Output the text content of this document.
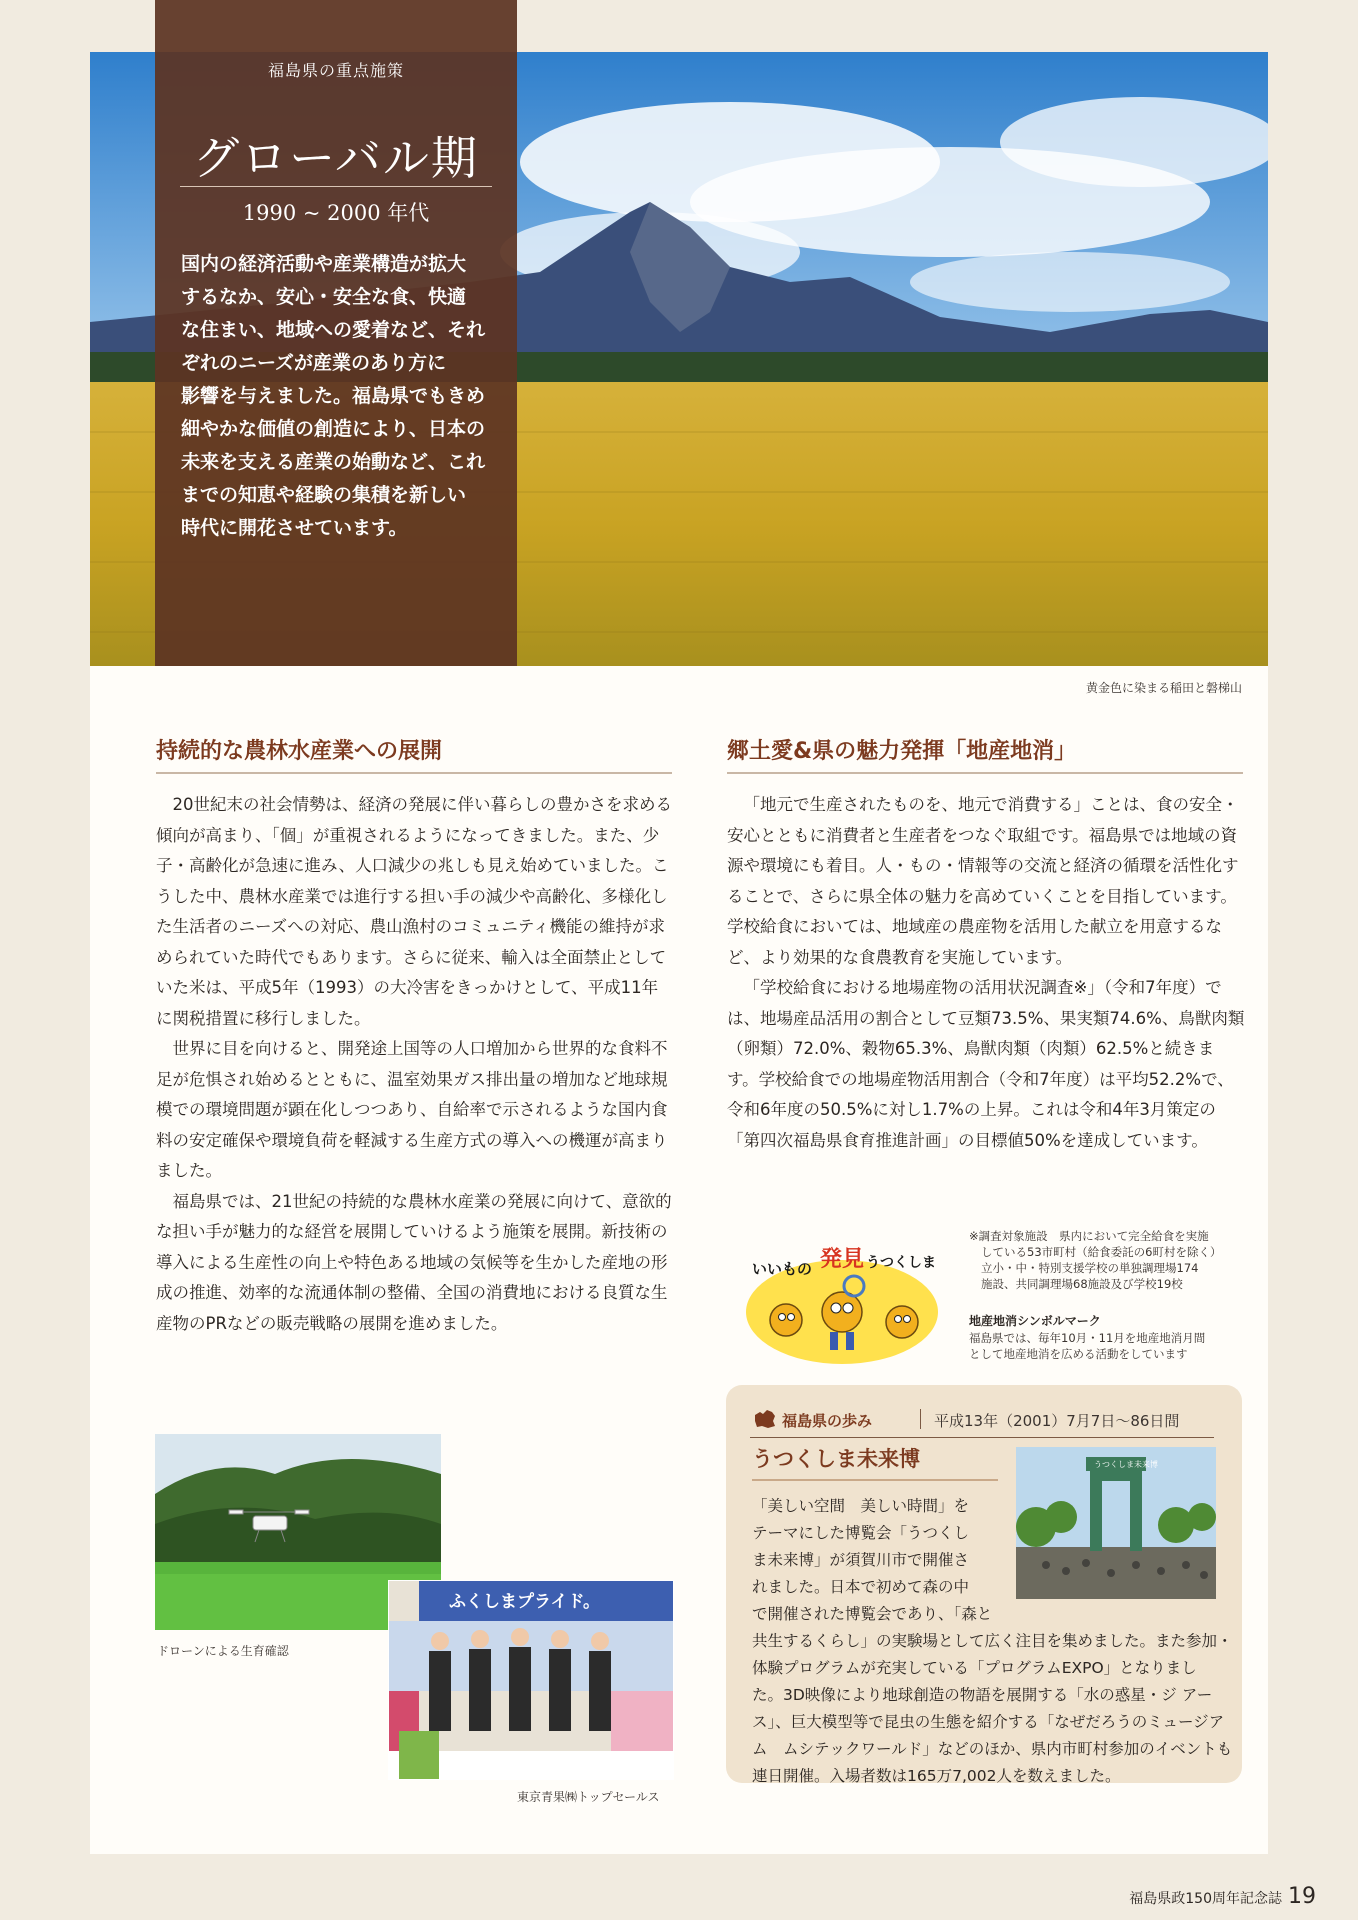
福島県の重点施策
グローバル期
1990 ~ 2000 年代
国内の経済活動や産業構造が拡大
するなか、安心・安全な食、快適
な住まい、地域への愛着など、それ
ぞれのニーズが産業のあり方に
影響を与えました。福島県でもきめ
細やかな価値の創造により、日本の
未来を支える産業の始動など、これ
までの知恵や経験の集積を新しい
時代に開花させています。
黄金色に染まる稲田と磐梯山
持続的な農林水産業への展開

20世紀末の社会情勢は、経済の発展に伴い暮らしの豊かさを求める傾向が高まり、「個」が重視されるようになってきました。また、少子・高齢化が急速に進み、人口減少の兆しも見え始めていました。こうした中、農林水産業では進行する担い手の減少や高齢化、多様化した生活者のニーズへの対応、農山漁村のコミュニティ機能の維持が求められていた時代でもあります。さらに従来、輸入は全面禁止としていた米は、平成5年（1993）の大冷害をきっかけとして、平成11年に関税措置に移行しました。

世界に目を向けると、開発途上国等の人口増加から世界的な食料不足が危惧され始めるとともに、温室効果ガス排出量の増加など地球規模での環境問題が顕在化しつつあり、自給率で示されるような国内食料の安定確保や環境負荷を軽減する生産方式の導入への機運が高まりました。

福島県では、21世紀の持続的な農林水産業の発展に向けて、意欲的な担い手が魅力的な経営を展開していけるよう施策を展開。新技術の導入による生産性の向上や特色ある地域の気候等を生かした産地の形成の推進、効率的な流通体制の整備、全国の消費地における良質な生産物のPRなどの販売戦略の展開を進めました。

ドローンによる生育確認
ふくしまプライド。
東京青果㈱トップセールス
郷土愛&県の魅力発揮「地産地消」

「地元で生産されたものを、地元で消費する」ことは、食の安全・安心とともに消費者と生産者をつなぐ取組です。福島県では地域の資源や環境にも着目。人・もの・情報等の交流と経済の循環を活性化することで、さらに県全体の魅力を高めていくことを目指しています。学校給食においては、地域産の農産物を活用した献立を用意するなど、より効果的な食農教育を実施しています。

「学校給食における地場産物の活用状況調査※」（令和7年度）では、地場産品活用の割合として豆類73.5%、果実類74.6%、鳥獣肉類（卵類）72.0%、穀物65.3%、鳥獣肉類（肉類）62.5%と続きます。学校給食での地場産物活用割合（令和7年度）は平均52.2%で、令和6年度の50.5%に対し1.7%の上昇。これは令和4年3月策定の「第四次福島県食育推進計画」の目標値50%を達成しています。

いいもの 発見 うつくしま
※調査対象施設　県内において完全給食を実施
している53市町村（給食委託の6町村を除く）
立小・中・特別支援学校の単独調理場174
施設、共同調理場68施設及び学校19校
地産地消シンボルマーク
福島県では、毎年10月・11月を地産地消月間
として地産地消を広める活動をしています
福島県の歩み	平成13年（2001）7月7日〜86日間
うつくしま未来博	うつくしま未来博
「美しい空間　美しい時間」を
テーマにした博覧会「うつくし
ま未来博」が須賀川市で開催さ
れました。日本で初めて森の中
で開催された博覧会であり、「森と
共生するくらし」の実験場として広く注目を集めました。また参加・
体験プログラムが充実している「プログラムEXPO」となりまし
た。3D映像により地球創造の物語を展開する「水の惑星・ジ アー
ス」、巨大模型等で昆虫の生態を紹介する「なぜだろうのミュージア
ム　ムシテックワールド」などのほか、県内市町村参加のイベントも
連日開催。入場者数は165万7,002人を数えました。
福島県政150周年記念誌 19
